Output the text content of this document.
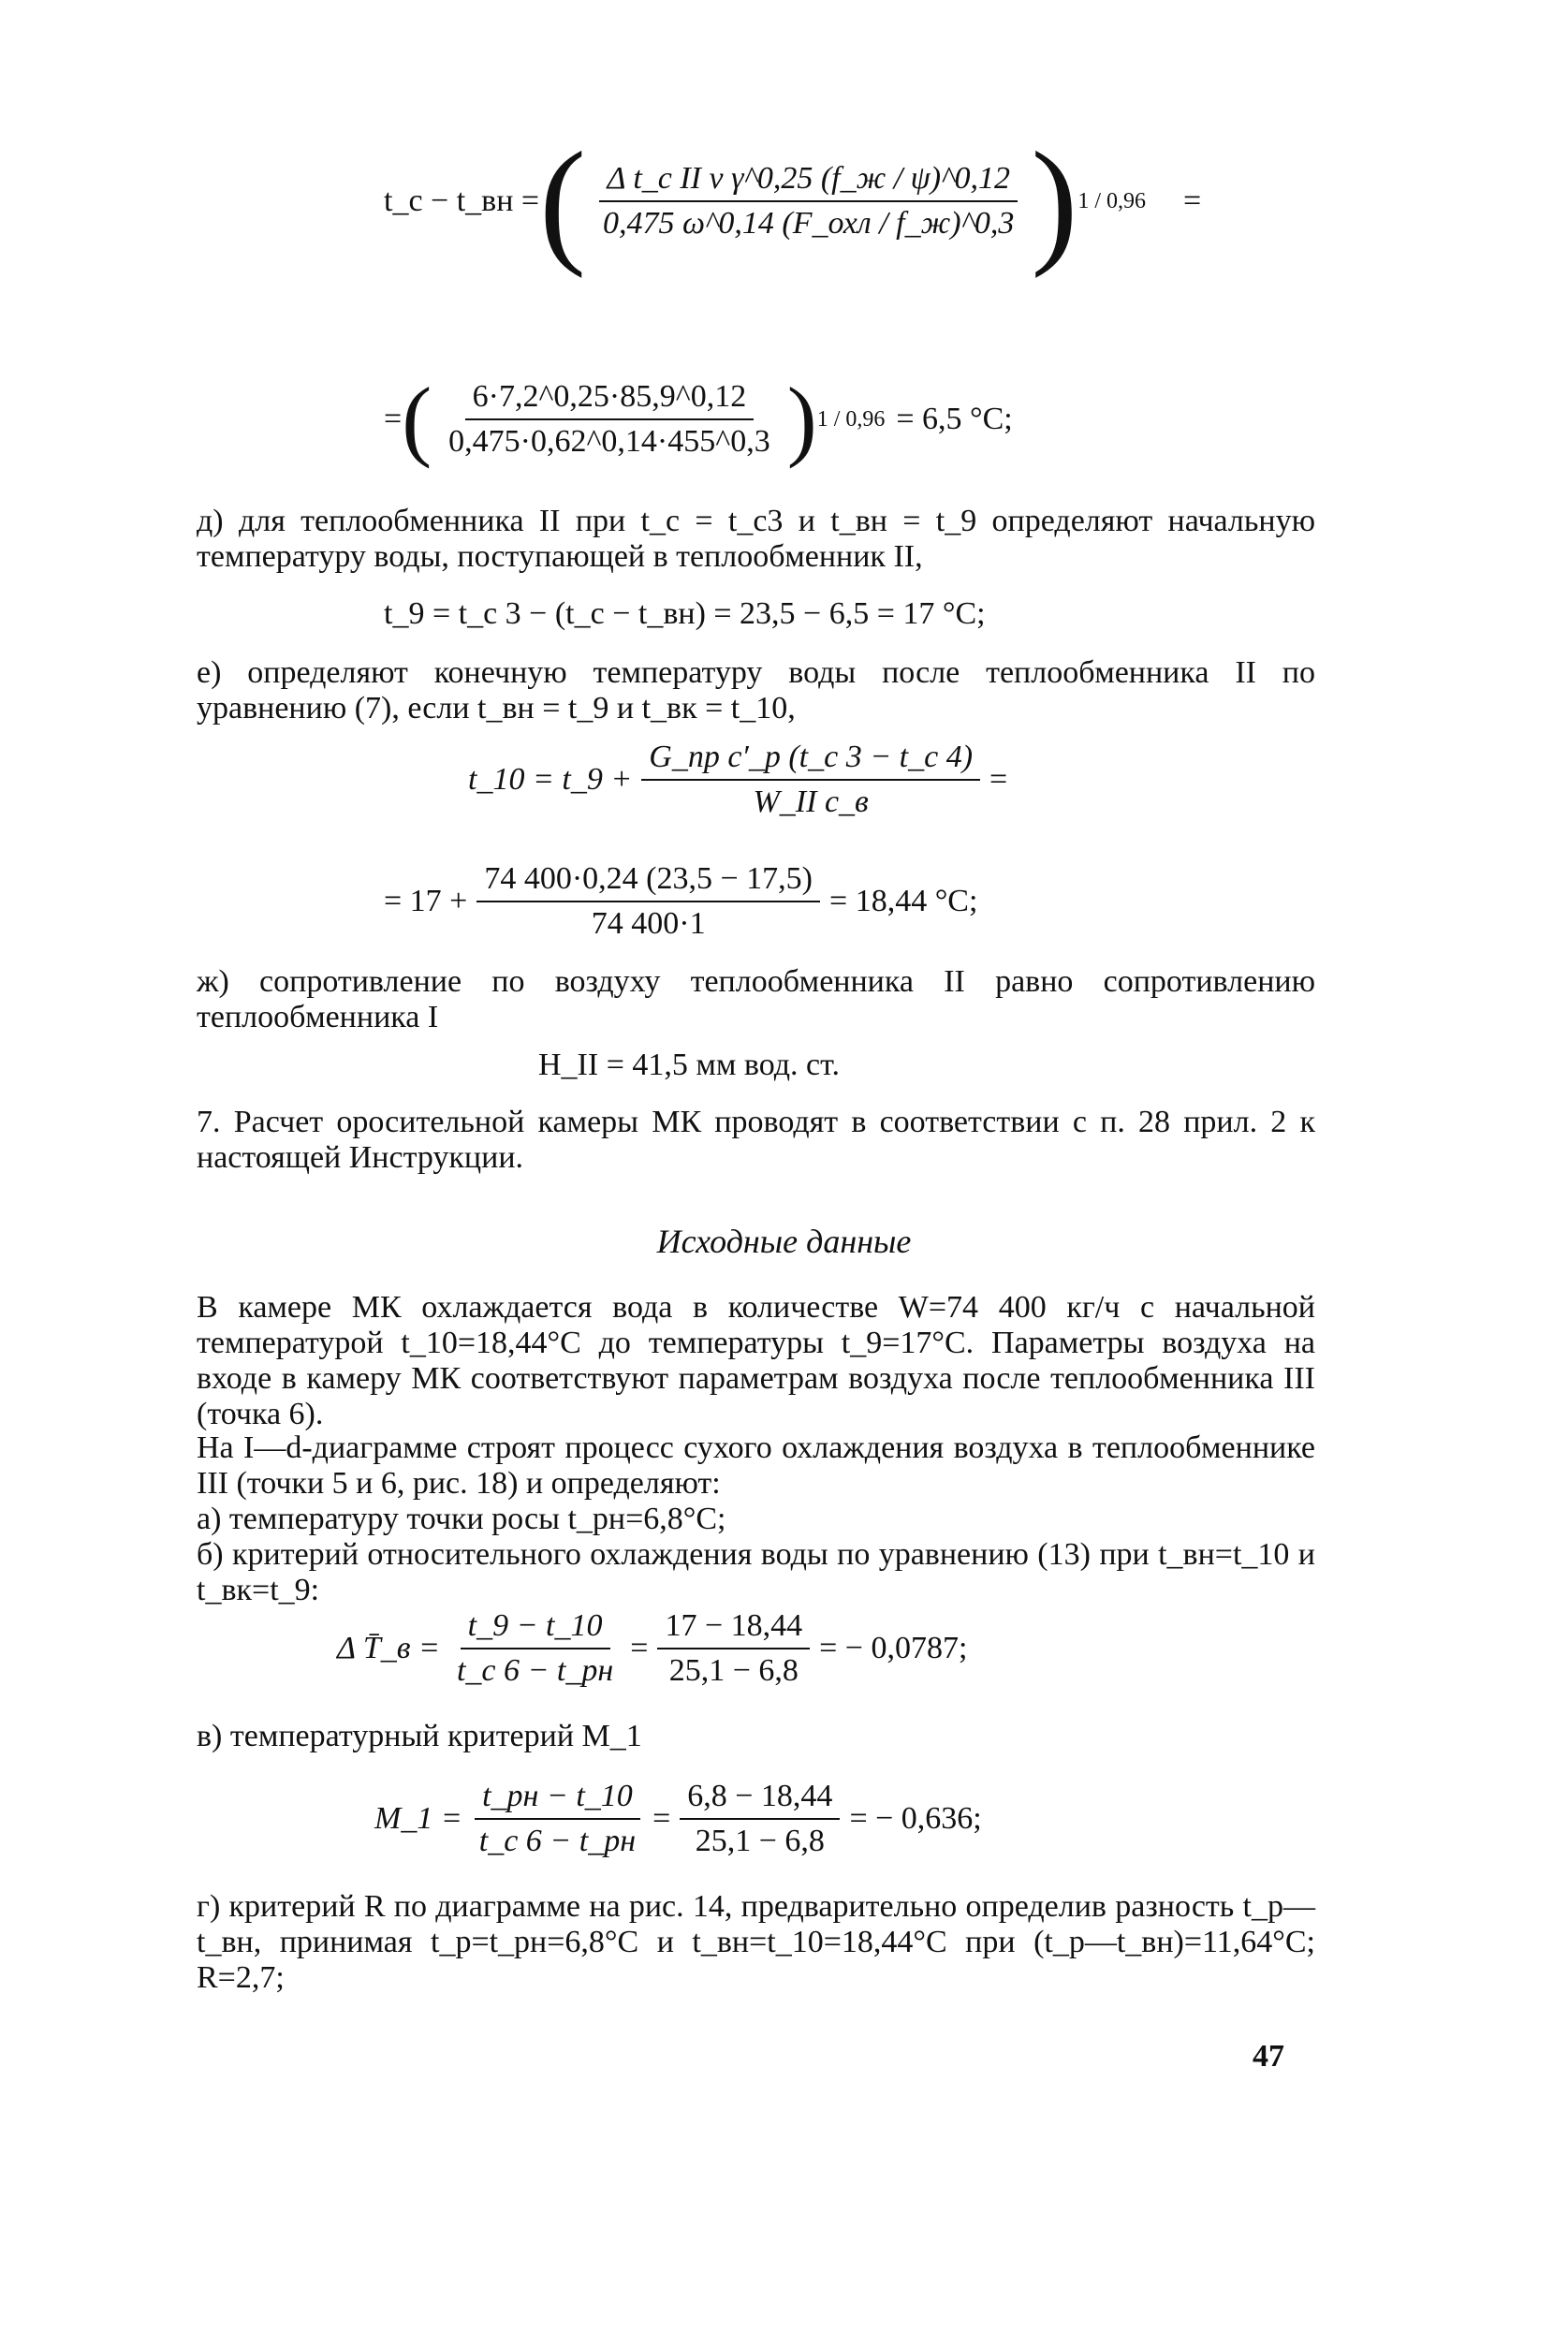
t_c − t_вн = ( $\frac{\text{Δ t\_c II v γ\textasciicircum{}0,25 (f\_ж / ψ)\textasciicircum{}0,12}}{\text{0,475 ω\textasciicircum{}0,14 (F\_охл / f\_ж)\textasciicircum{}0,3}}$ ) 1 / 0,96 =
= ( $\frac{6\cdot 7,2\^{}0,25\cdot 85,9\^{}0,12}{0,475\cdot 0,62\^{}0,14\cdot 455\^{}0,3}$ ) 1 / 0,96 = 6,5 °C;
д) для теплообменника II при t_c = t_c3 и t_вн = t_9 определяют начальную температуру воды, поступающей в теплообменник II,
t_9 = t_c 3 − (t_c − t_вн) = 23,5 − 6,5 = 17 °C;
е) определяют конечную температуру воды после теплообменника II по уравнению (7), если t_вн = t_9 и t_вк = t_10,
t_10 = t_9 + $\frac{\text{G\_пр c′\_p (t\_c 3 − t\_c 4)}}{\text{W\_II c\_в}}$ =
= $17 + \frac{74 400\cdot 0,24 (23,5 - 17,5)}{74 400\cdot 1} = 18,44$ °C;
ж) сопротивление по воздуху теплообменника II равно сопротивлению теплообменника I
H_II = 41,5 мм вод. ст.
7. Расчет оросительной камеры МК проводят в соответствии с п. 28 прил. 2 к настоящей Инструкции.
Исходные данные
В камере МК охлаждается вода в количестве W=74 400 кг/ч с начальной температурой t_10=18,44°C до температуры t_9=17°C. Параметры воздуха на входе в камеру МК соответствуют параметрам воздуха после теплообменника III (точка 6).
На I—d-диаграмме строят процесс сухого охлаждения воздуха в теплообменнике III (точки 5 и 6, рис. 18) и определяют:
а) температуру точки росы t_рн=6,8°C;
б) критерий относительного охлаждения воды по уравнению (13) при t_вн=t_10 и t_вк=t_9:
Δ T̄_в = $\frac{t\_9 - t\_10}{t\_c 6 - t\_рн} = \frac{17 - 18,44}{25,1 - 6,8}$ = − 0,0787;
в) температурный критерий M_1
M_1 = $\frac{t\_рн - t\_10}{t\_c 6 - t\_рн} = \frac{6,8 - 18,44}{25,1 - 6,8}$ = − 0,636;
г) критерий R по диаграмме на рис. 14, предварительно определив разность t_р—t_вн, принимая t_р=t_рн=6,8°C и t_вн=t_10=18,44°C при (t_р—t_вн)=11,64°C; R=2,7;
47
